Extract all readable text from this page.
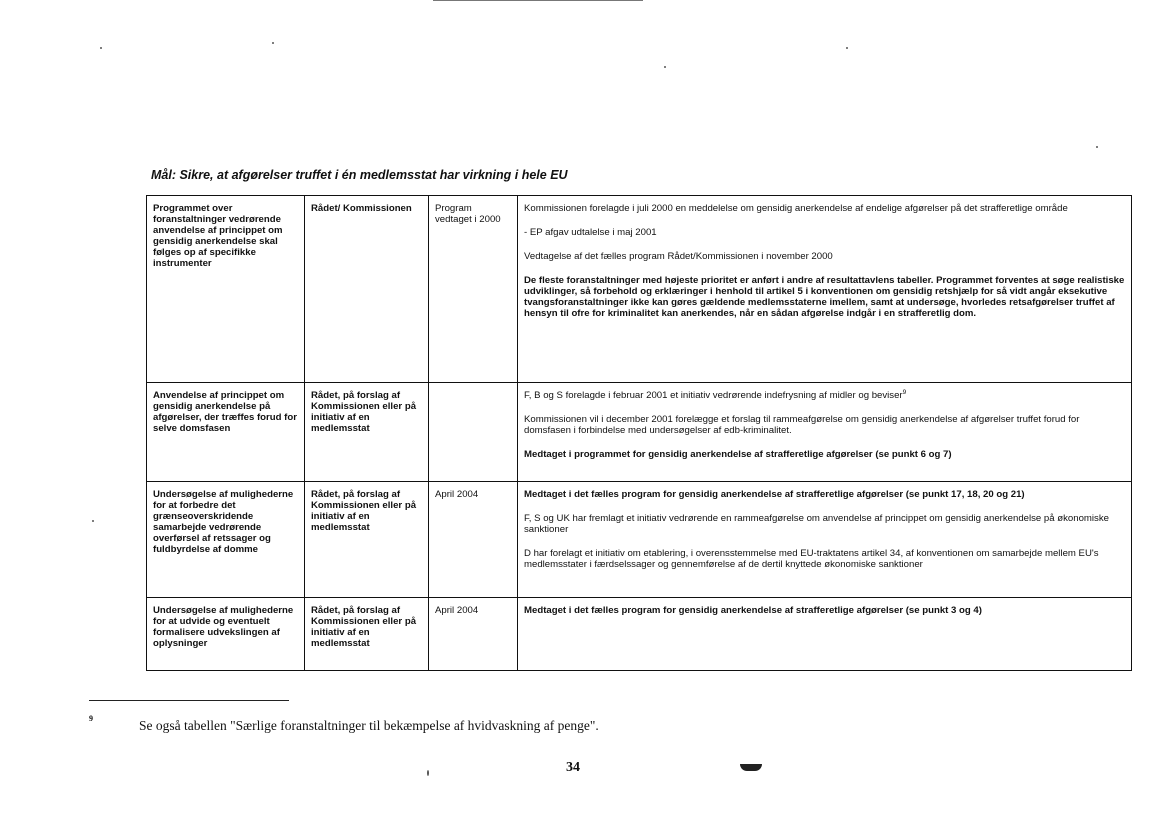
Mål: Sikre, at afgørelser truffet i én medlemsstat har virkning i hele EU
Programmet over foranstaltninger vedrørende anvendelse af princippet om gensidig anerkendelse skal følges op af specifikke instrumenter	Rådet/ Kommissionen	Program vedtaget i 2000	Kommissionen forelagde i juli 2000 en meddelelse om gensidig anerkendelse af endelige afgørelser på det strafferetlige område

- EP afgav udtalelse i maj 2001

Vedtagelse af det fælles program Rådet/Kommissionen i november 2000

De fleste foranstaltninger med højeste prioritet er anført i andre af resultattavlens tabeller. Programmet forventes at søge realistiske udviklinger, så forbehold og erklæringer i henhold til artikel 5 i konventionen om gensidig retshjælp for så vidt angår eksekutive tvangsforanstaltninger ikke kan gøres gældende medlemsstaterne imellem, samt at undersøge, hvorledes retsafgørelser truffet af hensyn til ofre for kriminalitet kan anerkendes, når en sådan afgørelse indgår i en strafferetlig dom.

Anvendelse af princippet om gensidig anerkendelse på afgørelser, der træffes forud for selve domsfasen	Rådet, på forslag af Kommissionen eller på initiativ af en medlemsstat		F, B og S forelagde i februar 2001 et initiativ vedrørende indefrysning af midler og beviser$^9$

Kommissionen vil i december 2001 forelægge et forslag til rammeafgørelse om gensidig anerkendelse af afgørelser truffet forud for domsfasen i forbindelse med undersøgelser af edb-kriminalitet.

Medtaget i programmet for gensidig anerkendelse af strafferetlige afgørelser (se punkt 6 og 7)

Undersøgelse af mulighederne for at forbedre det grænseoverskridende samarbejde vedrørende overførsel af retssager og fuldbyrdelse af domme	Rådet, på forslag af Kommissionen eller på initiativ af en medlemsstat	April 2004	Medtaget i det fælles program for gensidig anerkendelse af strafferetlige afgørelser (se punkt 17, 18, 20 og 21)

F, S og UK har fremlagt et initiativ vedrørende en rammeafgørelse om anvendelse af princippet om gensidig anerkendelse på økonomiske sanktioner

D har forelagt et initiativ om etablering, i overensstemmelse med EU-traktatens artikel 34, af konventionen om samarbejde mellem EU's medlemsstater i færdselssager og gennemførelse af de dertil knyttede økonomiske sanktioner

Undersøgelse af mulighederne for at udvide og eventuelt formalisere udvekslingen af oplysninger	Rådet, på forslag af Kommissionen eller på initiativ af en medlemsstat	April 2004	Medtaget i det fælles program for gensidig anerkendelse af strafferetlige afgørelser (se punkt 3 og 4)

9	Se også tabellen "Særlige foranstaltninger til bekæmpelse af hvidvaskning af penge".
34
